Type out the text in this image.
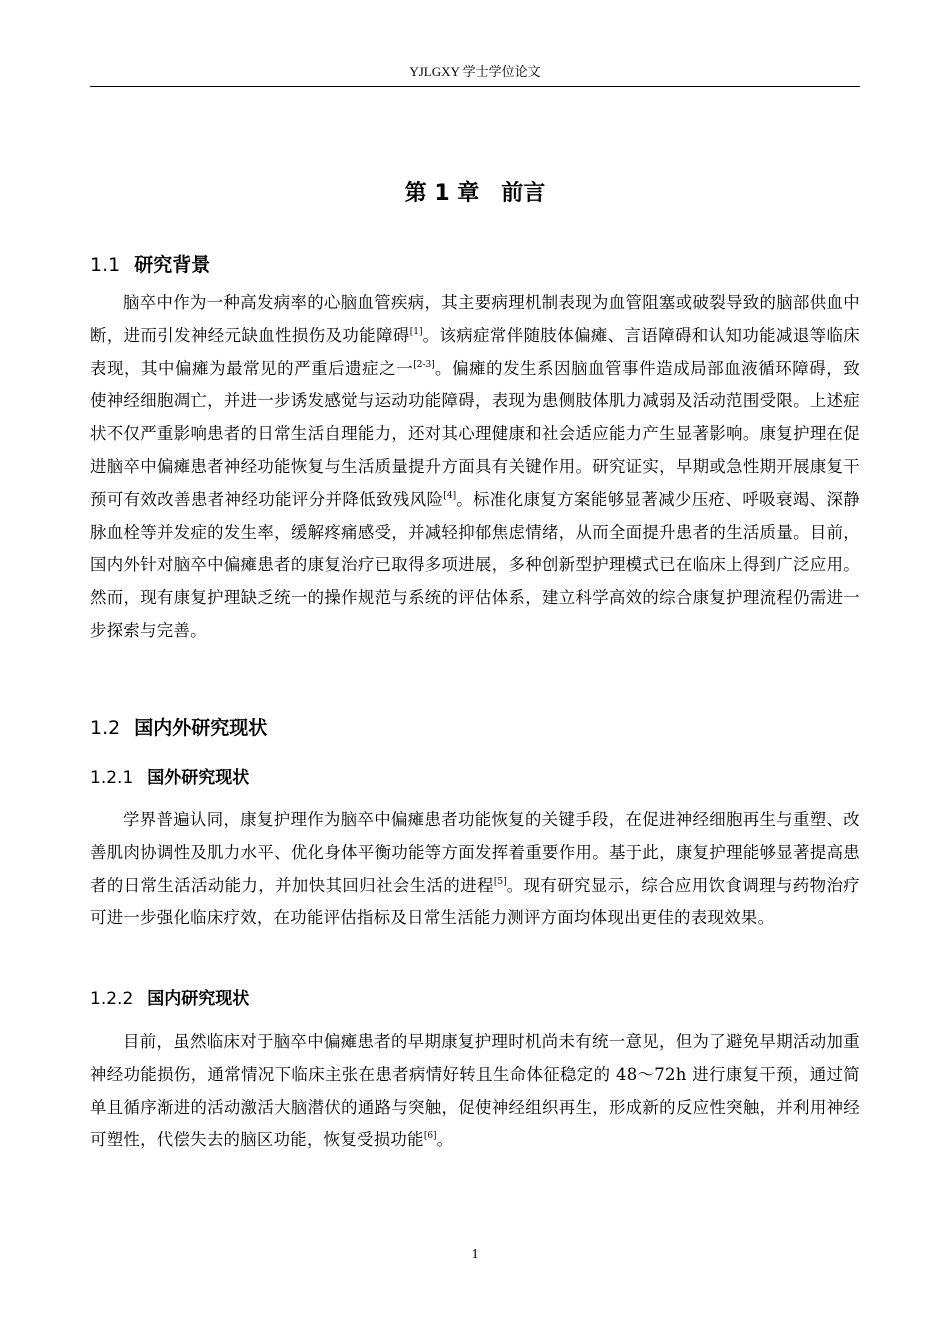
YJLGXY 学士学位论文
第 1 章　前言
1.1 研究背景

脑卒中作为一种高发病率的心脑血管疾病，其主要病理机制表现为血管阻塞或破裂导致的脑部供血中断，进而引发神经元缺血性损伤及功能障碍[1]。该病症常伴随肢体偏瘫、言语障碍和认知功能减退等临床表现，其中偏瘫为最常见的严重后遗症之一[2-3]。偏瘫的发生系因脑血管事件造成局部血液循环障碍，致使神经细胞凋亡，并进一步诱发感觉与运动功能障碍，表现为患侧肢体肌力减弱及活动范围受限。上述症状不仅严重影响患者的日常生活自理能力，还对其心理健康和社会适应能力产生显著影响。康复护理在促进脑卒中偏瘫患者神经功能恢复与生活质量提升方面具有关键作用。研究证实，早期或急性期开展康复干预可有效改善患者神经功能评分并降低致残风险[4]。标准化康复方案能够显著减少压疮、呼吸衰竭、深静脉血栓等并发症的发生率，缓解疼痛感受，并减轻抑郁焦虑情绪，从而全面提升患者的生活质量。目前，国内外针对脑卒中偏瘫患者的康复治疗已取得多项进展，多种创新型护理模式已在临床上得到广泛应用。然而，现有康复护理缺乏统一的操作规范与系统的评估体系，建立科学高效的综合康复护理流程仍需进一步探索与完善。

1.2 国内外研究现状
1.2.1 国外研究现状

学界普遍认同，康复护理作为脑卒中偏瘫患者功能恢复的关键手段，在促进神经细胞再生与重塑、改善肌肉协调性及肌力水平、优化身体平衡功能等方面发挥着重要作用。基于此，康复护理能够显著提高患者的日常生活活动能力，并加快其回归社会生活的进程[5]。现有研究显示，综合应用饮食调理与药物治疗可进一步强化临床疗效，在功能评估指标及日常生活能力测评方面均体现出更佳的表现效果。

1.2.2 国内研究现状

目前，虽然临床对于脑卒中偏瘫患者的早期康复护理时机尚未有统一意见，但为了避免早期活动加重神经功能损伤，通常情况下临床主张在患者病情好转且生命体征稳定的 48～72h 进行康复干预，通过简单且循序渐进的活动激活大脑潜伏的通路与突触，促使神经组织再生，形成新的反应性突触，并利用神经可塑性，代偿失去的脑区功能，恢复受损功能[6]。

1
